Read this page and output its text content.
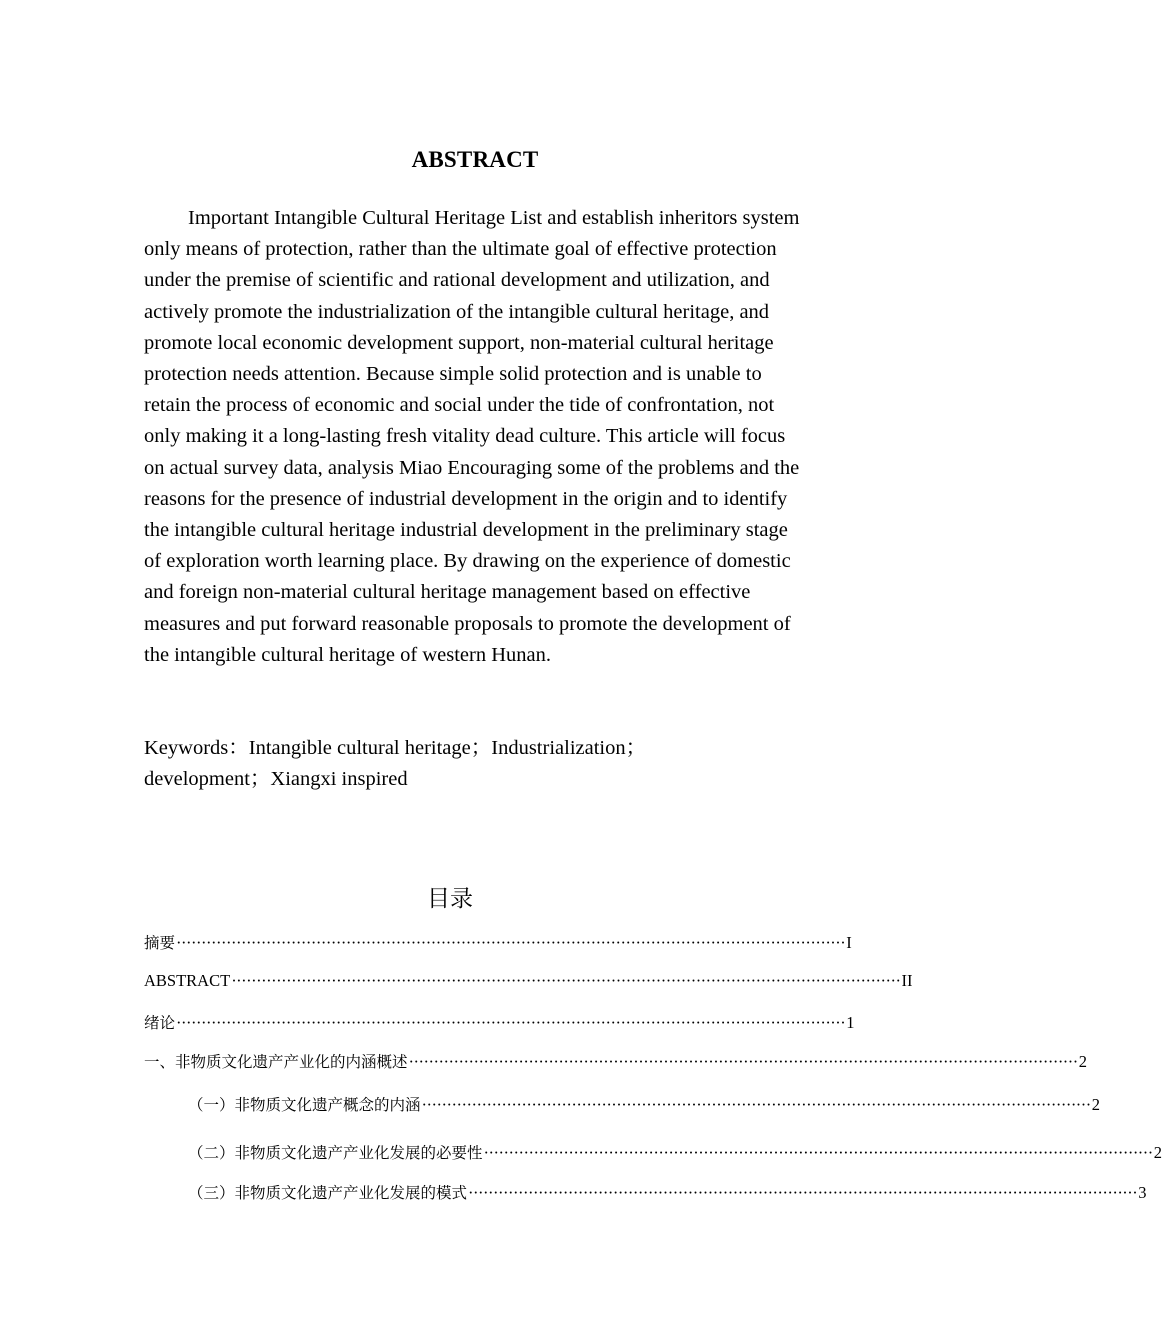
ABSTRACT

Important Intangible Cultural Heritage List and establish inheritors system only means of protection, rather than the ultimate goal of effective protection under the premise of scientific and rational development and utilization, and actively promote the industrialization of the intangible cultural heritage, and promote local economic development support, non-material cultural heritage protection needs attention. Because simple solid protection and is unable to retain the process of economic and social under the tide of confrontation, not only making it a long-lasting fresh vitality dead culture. This article will focus on actual survey data, analysis Miao Encouraging some of the problems and the reasons for the presence of industrial development in the origin and to identify the intangible cultural heritage industrial development in the preliminary stage of exploration worth learning place. By drawing on the experience of domestic and foreign non-material cultural heritage management based on effective measures and put forward reasonable proposals to promote the development of the intangible cultural heritage of western Hunan.

Keywords：Intangible cultural heritage；Industrialization；
development；Xiangxi inspired
目录
摘要 ······································································································································ I
ABSTRACT ······································································································································ II
绪论 ······································································································································ 1
一、非物质文化遗产产业化的内涵概述 ······································································································································ 2
（一）非物质文化遗产概念的内涵 ······································································································································ 2
（二）非物质文化遗产产业化发展的必要性 ······································································································································ 2
（三）非物质文化遗产产业化发展的模式 ······································································································································ 3
